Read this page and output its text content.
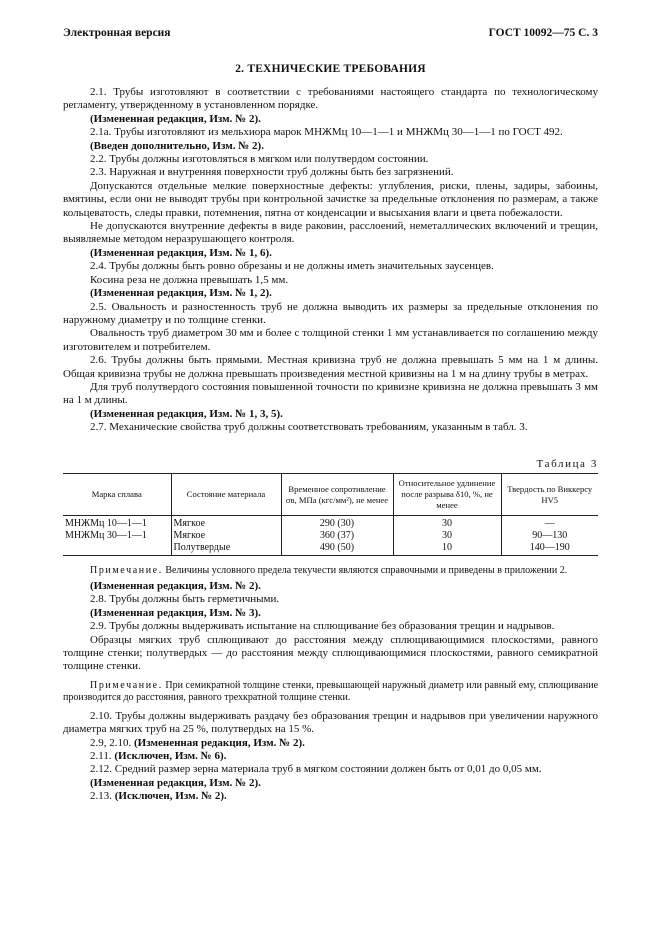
Электронная версия	ГОСТ 10092—75 С. 3
2. ТЕХНИЧЕСКИЕ ТРЕБОВАНИЯ

2.1. Трубы изготовляют в соответствии с требованиями настоящего стандарта по технологическому регламенту, утвержденному в установленном порядке.

(Измененная редакция, Изм. № 2).

2.1а. Трубы изготовляют из мельхиора марок МНЖМц 10—1—1 и МНЖМц 30—1—1 по ГОСТ 492.

(Введен дополнительно, Изм. № 2).

2.2. Трубы должны изготовляться в мягком или полутвердом состоянии.

2.3. Наружная и внутренняя поверхности труб должны быть без загрязнений.

Допускаются отдельные мелкие поверхностные дефекты: углубления, риски, плены, задиры, забоины, вмятины, если они не выводят трубы при контрольной зачистке за предельные отклонения по размерам, а также кольцеватость, следы правки, потемнения, пятна от конденсации и высыхания влаги и цвета побежалости.

Не допускаются внутренние дефекты в виде раковин, расслоений, неметаллических включений и трещин, выявляемые методом неразрушающего контроля.

(Измененная редакция, Изм. № 1, 6).

2.4. Трубы должны быть ровно обрезаны и не должны иметь значительных заусенцев.

Косина реза не должна превышать 1,5 мм.

(Измененная редакция, Изм. № 1, 2).

2.5. Овальность и разностенность труб не должна выводить их размеры за предельные отклонения по наружному диаметру и по толщине стенки.

Овальность труб диаметром 30 мм и более с толщиной стенки 1 мм устанавливается по соглашению между изготовителем и потребителем.

2.6. Трубы должны быть прямыми. Местная кривизна труб не должна превышать 5 мм на 1 м длины. Общая кривизна трубы не должна превышать произведения местной кривизны на 1 м на длину трубы в метрах.

Для труб полутвердого состояния повышенной точности по кривизне кривизна не должна превышать 3 мм на 1 м длины.

(Измененная редакция, Изм. № 1, 3, 5).

2.7. Механические свойства труб должны соответствовать требованиям, указанным в табл. 3.

Таблица 3
Марка сплава	Состояние материала	Временное сопротивление σв, МПа (кгс/мм²), не менее	Относительное удлинение после разрыва δ10, %, не менее	Твердость по Виккерсу HV5
МНЖМц 10—1—1	Мягкое	290 (30)	30	—
МНЖМц 30—1—1	Мягкое	360 (37)	30	90—130
	Полутвердые	490 (50)	10	140—190

Примечание. Величины условного предела текучести являются справочными и приведены в приложении 2.

(Измененная редакция, Изм. № 2).

2.8. Трубы должны быть герметичными.

(Измененная редакция, Изм. № 3).

2.9. Трубы должны выдерживать испытание на сплющивание без образования трещин и надрывов.

Образцы мягких труб сплющивают до расстояния между сплющивающимися плоскостями, равного толщине стенки; полутвердых — до расстояния между сплющивающимися плоскостями, равного семикратной толщине стенки.

Примечание. При семикратной толщине стенки, превышающей наружный диаметр или равный ему, сплющивание производится до расстояния, равного трехкратной толщине стенки.

2.10. Трубы должны выдерживать раздачу без образования трещин и надрывов при увеличении наружного диаметра мягких труб на 25 %, полутвердых на 15 %.

2.9, 2.10. (Измененная редакция, Изм. № 2).

2.11. (Исключен, Изм. № 6).

2.12. Средний размер зерна материала труб в мягком состоянии должен быть от 0,01 до 0,05 мм.

(Измененная редакция, Изм. № 2).

2.13. (Исключен, Изм. № 2).
